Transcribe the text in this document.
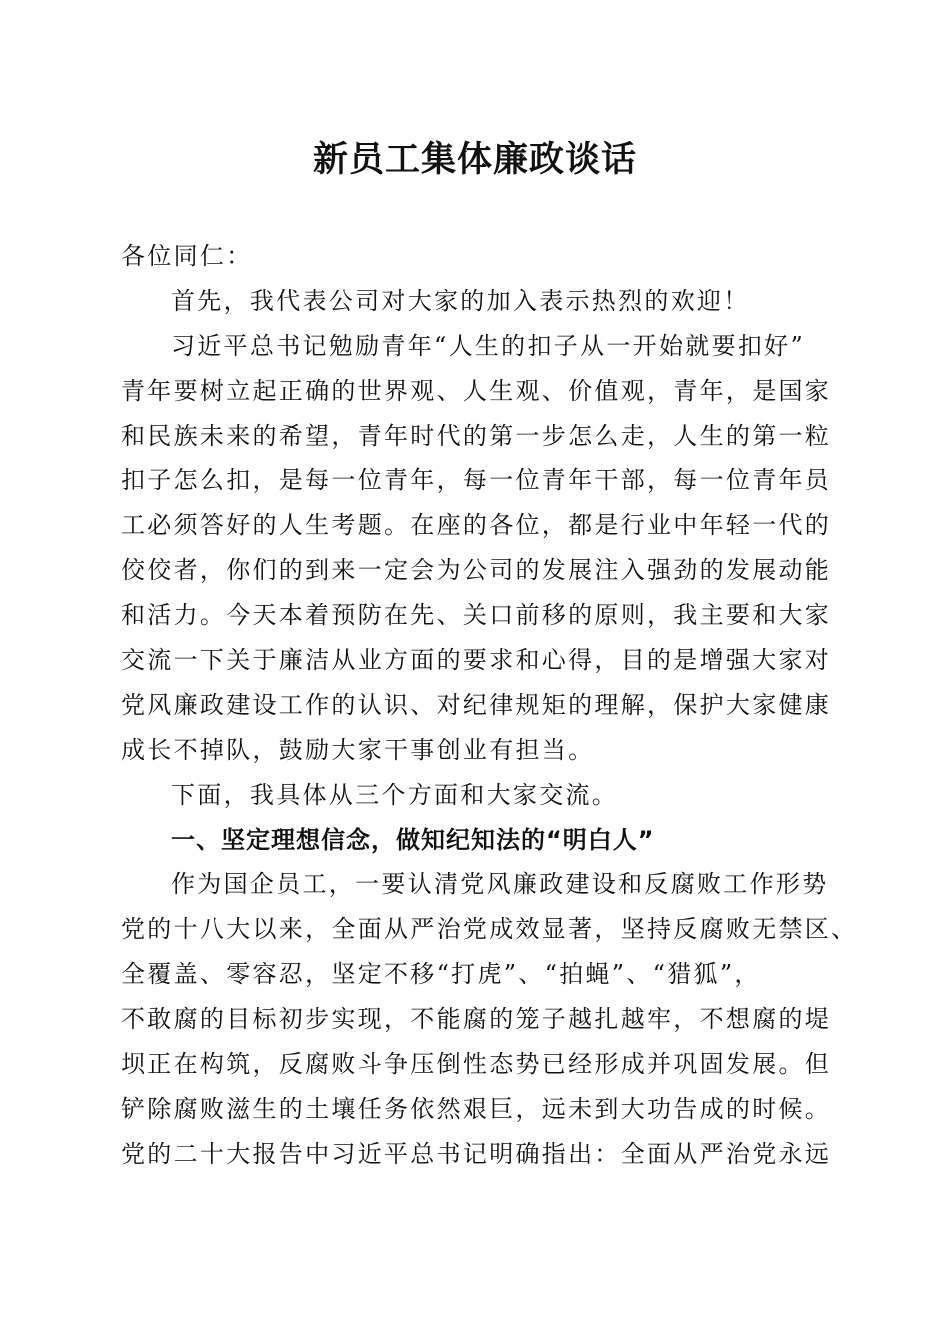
新员工集体廉政谈话
各位同仁：
首先，我代表公司对大家的加入表示热烈的欢迎！
习近平总书记勉励青年“人生的扣子从一开始就要扣好”
青年要树立起正确的世界观、人生观、价值观，青年，是国家
和民族未来的希望，青年时代的第一步怎么走，人生的第一粒
扣子怎么扣，是每一位青年，每一位青年干部，每一位青年员
工必须答好的人生考题。在座的各位，都是行业中年轻一代的
佼佼者，你们的到来一定会为公司的发展注入强劲的发展动能
和活力。今天本着预防在先、关口前移的原则，我主要和大家
交流一下关于廉洁从业方面的要求和心得，目的是增强大家对
党风廉政建设工作的认识、对纪律规矩的理解，保护大家健康
成长不掉队，鼓励大家干事创业有担当。
下面，我具体从三个方面和大家交流。
一、坚定理想信念，做知纪知法的“明白人”
作为国企员工，一要认清党风廉政建设和反腐败工作形势
党的十八大以来，全面从严治党成效显著，坚持反腐败无禁区、
全覆盖、零容忍，坚定不移“打虎”、“拍蝇”、“猎狐”，
不敢腐的目标初步实现，不能腐的笼子越扎越牢，不想腐的堤
坝正在构筑，反腐败斗争压倒性态势已经形成并巩固发展。但
铲除腐败滋生的土壤任务依然艰巨，远未到大功告成的时候。
党的二十大报告中习近平总书记明确指出：全面从严治党永远
